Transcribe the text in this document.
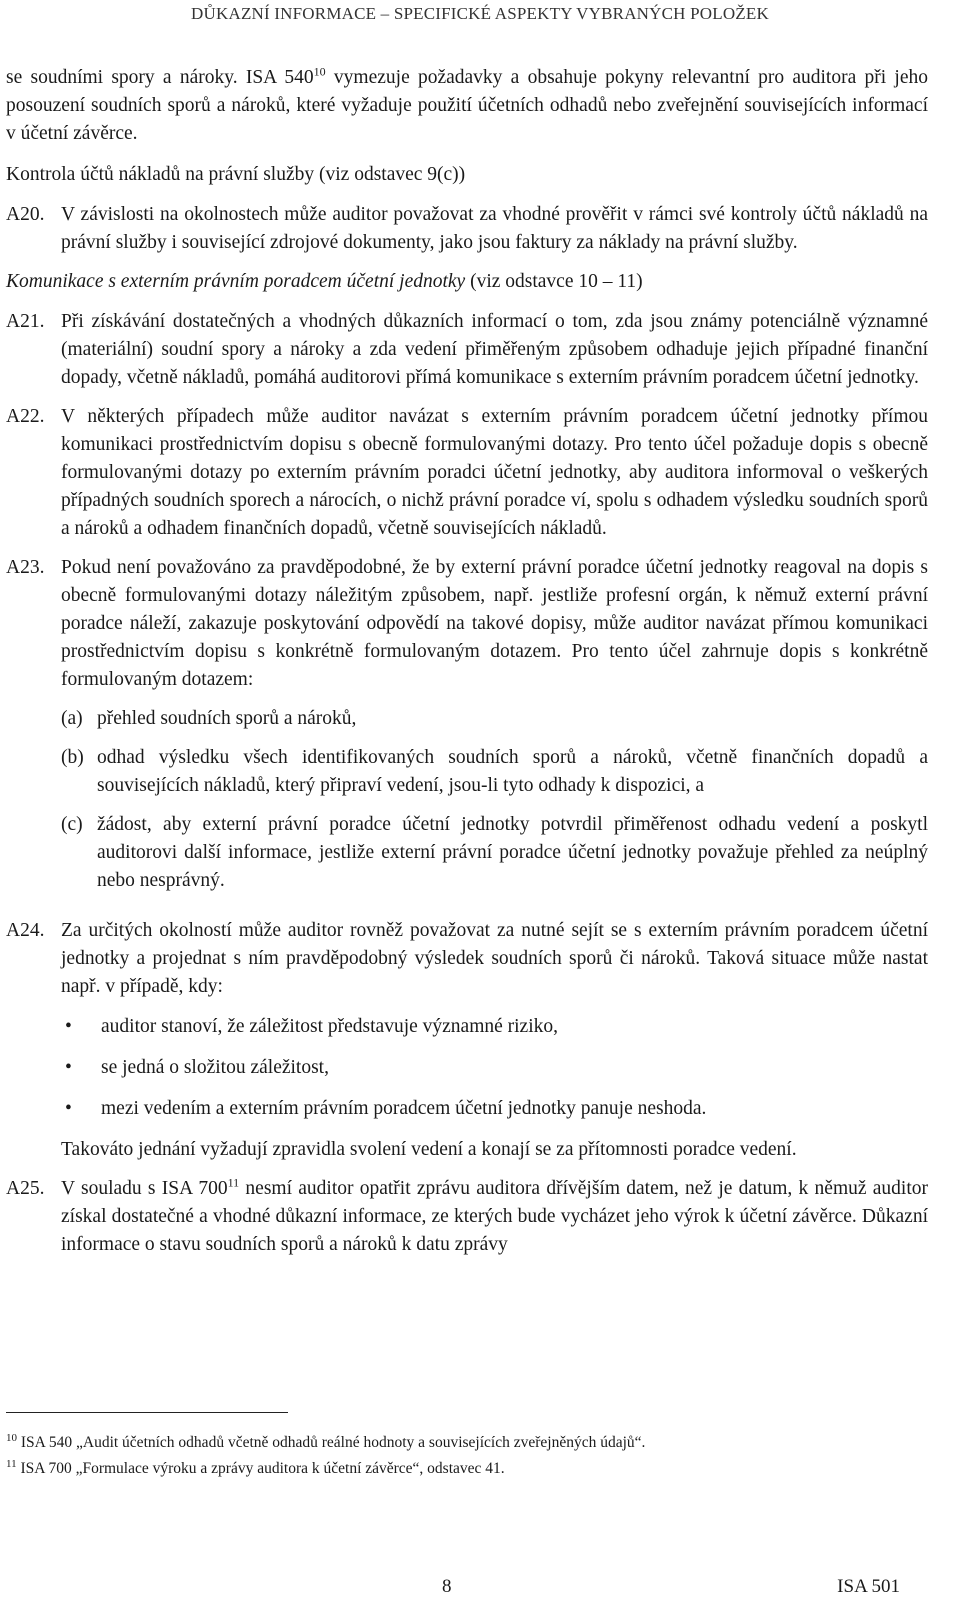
DŮKAZNÍ INFORMACE – SPECIFICKÉ ASPEKTY VYBRANÝCH POLOŽEK

se soudními spory a nároky. ISA $540^{10}$ vymezuje požadavky a obsahuje pokyny relevantní pro auditora při jeho posouzení soudních sporů a nároků, které vyžaduje použití účetních odhadů nebo zveřejnění souvisejících informací v účetní závěrce.

Kontrola účtů nákladů na právní služby (viz odstavec 9(c))

A20. V závislosti na okolnostech může auditor považovat za vhodné prověřit v rámci své kontroly účtů nákladů na právní služby i související zdrojové dokumenty, jako jsou faktury za náklady na právní služby.

Komunikace s externím právním poradcem účetní jednotky (viz odstavce 10 – 11)

A21. Při získávání dostatečných a vhodných důkazních informací o tom, zda jsou známy potenciálně významné (materiální) soudní spory a nároky a zda vedení přiměřeným způsobem odhaduje jejich případné finanční dopady, včetně nákladů, pomáhá auditorovi přímá komunikace s externím právním poradcem účetní jednotky.

A22. V některých případech může auditor navázat s externím právním poradcem účetní jednotky přímou komunikaci prostřednictvím dopisu s obecně formulovanými dotazy. Pro tento účel požaduje dopis s obecně formulovanými dotazy po externím právním poradci účetní jednotky, aby auditora informoval o veškerých případných soudních sporech a nárocích, o nichž právní poradce ví, spolu s odhadem výsledku soudních sporů a nároků a odhadem finančních dopadů, včetně souvisejících nákladů.

A23. Pokud není považováno za pravděpodobné, že by externí právní poradce účetní jednotky reagoval na dopis s obecně formulovanými dotazy náležitým způsobem, např. jestliže profesní orgán, k němuž externí právní poradce náleží, zakazuje poskytování odpovědí na takové dopisy, může auditor navázat přímou komunikaci prostřednictvím dopisu s konkrétně formulovaným dotazem. Pro tento účel zahrnuje dopis s konkrétně formulovaným dotazem:

(a) přehled soudních sporů a nároků,

(b) odhad výsledku všech identifikovaných soudních sporů a nároků, včetně finančních dopadů a souvisejících nákladů, který připraví vedení, jsou-li tyto odhady k dispozici, a

(c) žádost, aby externí právní poradce účetní jednotky potvrdil přiměřenost odhadu vedení a poskytl auditorovi další informace, jestliže externí právní poradce účetní jednotky považuje přehled za neúplný nebo nesprávný.

A24. Za určitých okolností může auditor rovněž považovat za nutné sejít se s externím právním poradcem účetní jednotky a projednat s ním pravděpodobný výsledek soudních sporů či nároků. Taková situace může nastat např. v případě, kdy:

•	auditor stanoví, že záležitost představuje významné riziko,
•	se jedná o složitou záležitost,
•	mezi vedením a externím právním poradcem účetní jednotky panuje neshoda.

Takováto jednání vyžadují zpravidla svolení vedení a konají se za přítomnosti poradce vedení.

A25. V souladu s ISA $700^{11}$ nesmí auditor opatřit zprávu auditora dřívějším datem, než je datum, k němuž auditor získal dostatečné a vhodné důkazní informace, ze kterých bude vycházet jeho výrok k účetní závěrce. Důkazní informace o stavu soudních sporů a nároků k datu zprávy

$^{10}$ ISA 540 „Audit účetních odhadů včetně odhadů reálné hodnoty a souvisejících zveřejněných údajů“.
$^{11}$ ISA 700 „Formulace výroku a zprávy auditora k účetní závěrce“, odstavec 41.
8	ISA 501
